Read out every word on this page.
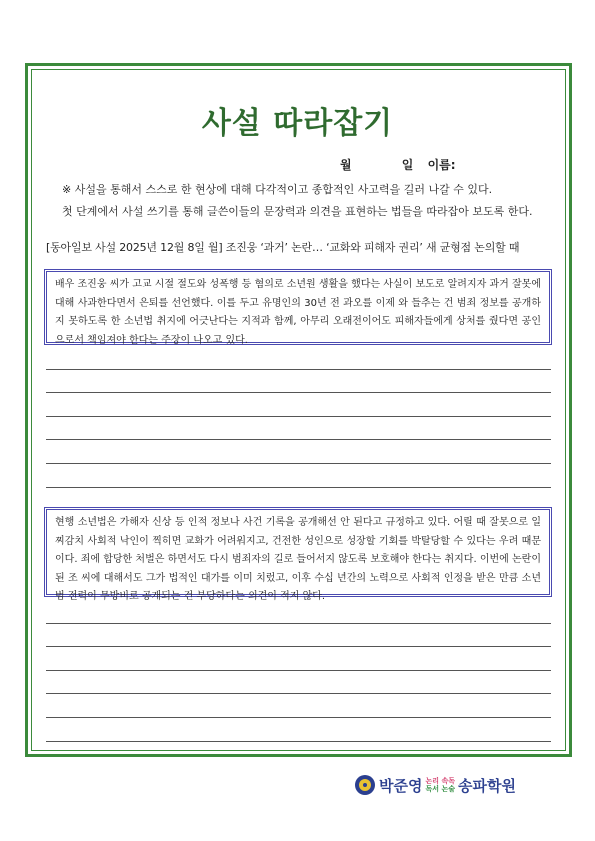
사설 따라잡기
월	일 이름:
※ 사설을 통해서 스스로 한 현상에 대해 다각적이고 종합적인 사고력을 길러 나갈 수 있다.
첫 단계에서 사설 쓰기를 통해 글쓴이들의 문장력과 의견을 표현하는 법들을 따라잡아 보도록 한다.
[동아일보 사설 2025년 12월 8일 월] 조진웅 ‘과거’ 논란… ‘교화와 피해자 권리’ 새 균형점 논의할 때
배우 조진웅 씨가 고교 시절 절도와 성폭행 등 혐의로 소년원 생활을 했다는 사실이 보도로 알려지자 과거 잘못에 대해 사과한다면서 은퇴를 선언했다. 이를 두고 유명인의 30년 전 과오를 이제 와 들추는 건 범죄 정보를 공개하지 못하도록 한 소년법 취지에 어긋난다는 지적과 함께, 아무리 오래전이어도 피해자들에게 상처를 줬다면 공인으로서 책임져야 한다는 주장이 나오고 있다.
현행 소년법은 가해자 신상 등 인적 정보나 사건 기록을 공개해선 안 된다고 규정하고 있다. 어릴 때 잘못으로 일찌감치 사회적 낙인이 찍히면 교화가 어려워지고, 건전한 성인으로 성장할 기회를 박탈당할 수 있다는 우려 때문이다. 죄에 합당한 처벌은 하면서도 다시 범죄자의 길로 들어서지 않도록 보호해야 한다는 취지다. 이번에 논란이 된 조 씨에 대해서도 그가 법적인 대가를 이미 치렀고, 이후 수십 년간의 노력으로 사회적 인정을 받은 만큼 소년범 전력이 무방비로 공개되는 건 부당하다는 의견이 적지 않다.
박준영 논리 속독
독서 논술 송파학원
